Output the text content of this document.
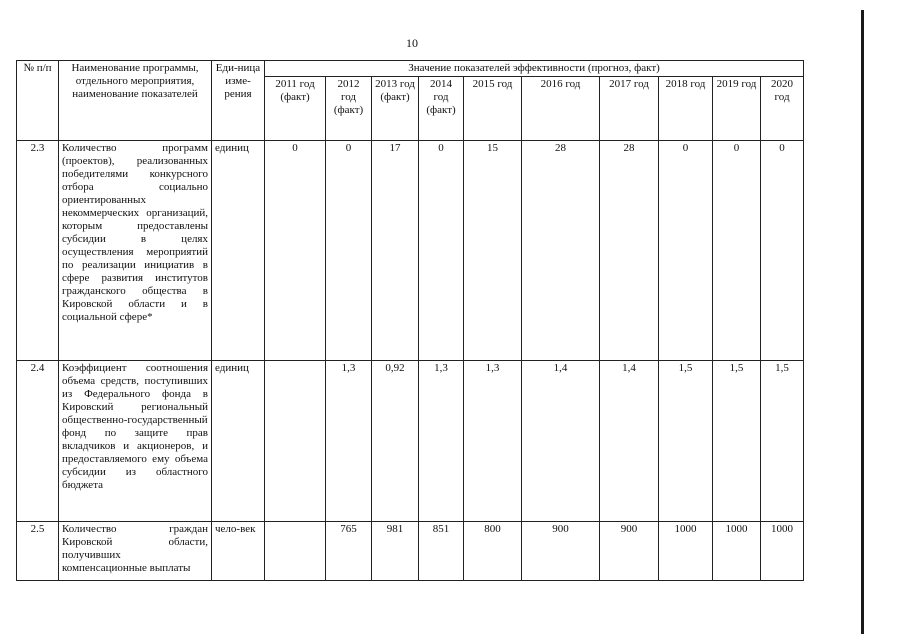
10
№ п/п	Наименование программы, отдельного мероприятия, наименование показателей	Еди-ница изме-рения	Значение показателей эффективности (прогноз, факт)									
			2011 год (факт)	2012 год (факт)	2013 год (факт)	2014 год (факт)	2015 год	2016 год	2017 год	2018 год	2019 год	2020 год
2.3	Количество программ (проектов), реализованных победителями конкурсного отбора социально ориентированных некоммерческих организаций, которым предоставлены субсидии в целях осуществления мероприятий по реализации инициатив в сфере развития институтов гражданского общества в Кировской области и в социальной сфере*	единиц	0	0	17	0	15	28	28	0	0	0
2.4	Коэффициент соотношения объема средств, поступивших из Федерального фонда в Кировский региональный общественно-государственный фонд по защите прав вкладчиков и акционеров, и предоставляемого ему объема субсидии из областного бюджета	единиц		1,3	0,92	1,3	1,3	1,4	1,4	1,5	1,5	1,5
2.5	Количество граждан Кировской области, получивших компенсационные выплаты	чело-век		765	981	851	800	900	900	1000	1000	1000
